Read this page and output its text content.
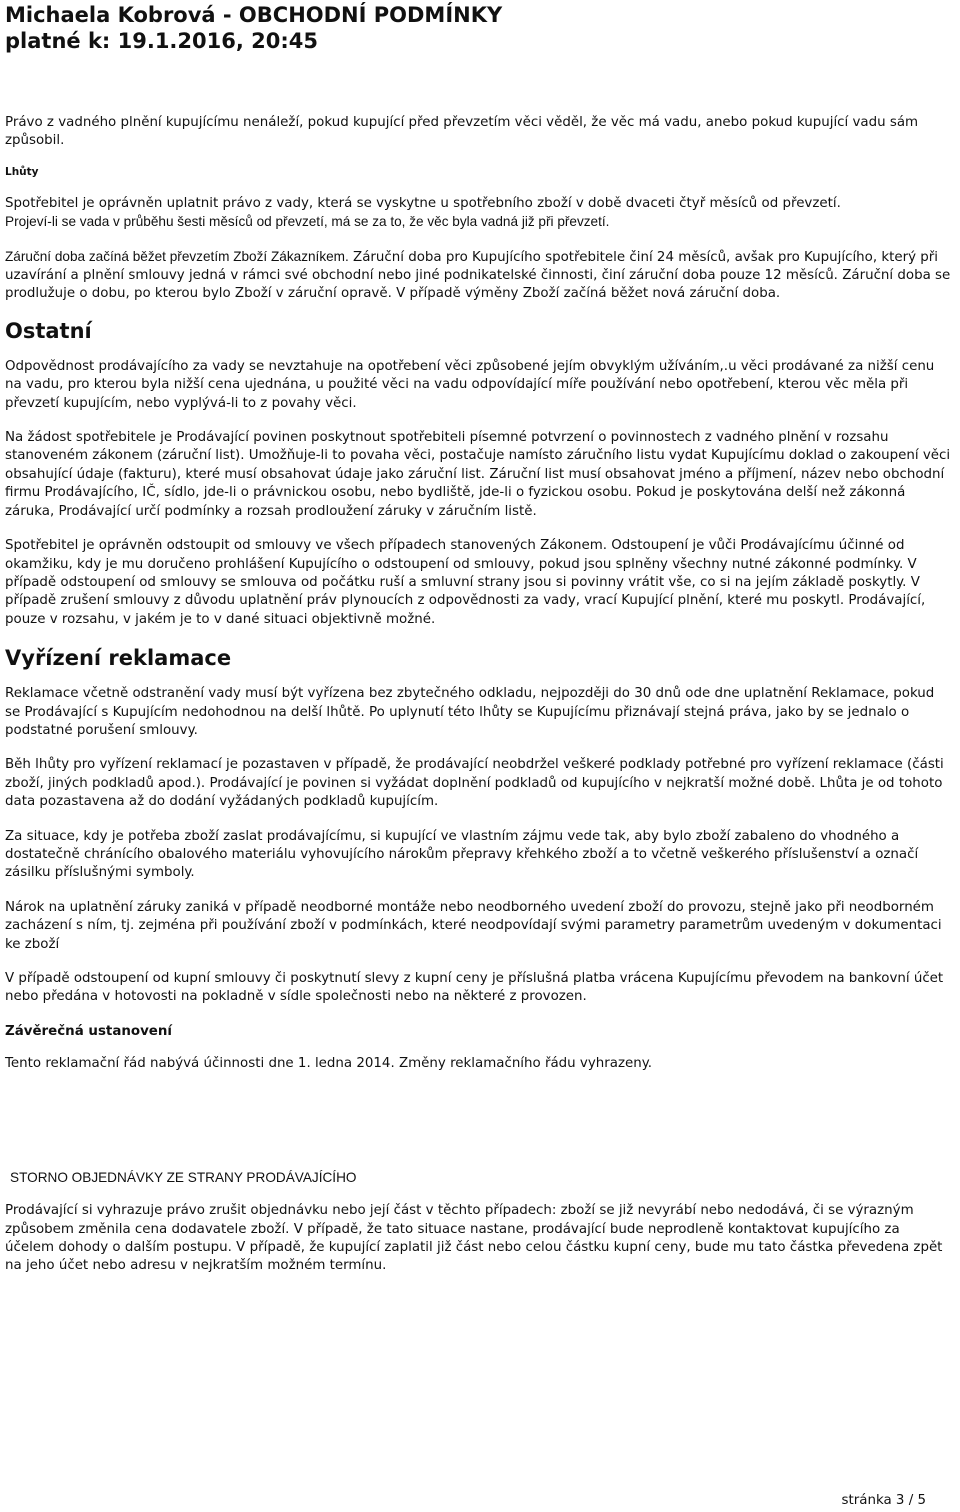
Michaela Kobrová - OBCHODNÍ PODMÍNKY
platné k: 19.1.2016, 20:45

Právo z vadného plnění kupujícímu nenáleží, pokud kupující před převzetím věci věděl, že věc má vadu, anebo pokud kupující vadu sám způsobil.

Lhůty

Spotřebitel je oprávněn uplatnit právo z vady, která se vyskytne u spotřebního zboží v době dvaceti čtyř měsíců od převzetí.

Projeví-li se vada v průběhu šesti měsíců od převzetí, má se za to, že věc byla vadná již při převzetí.

Záruční doba začíná běžet převzetím Zboží Zákazníkem. Záruční doba pro Kupujícího spotřebitele činí 24 měsíců, avšak pro Kupujícího, který při uzavírání a plnění smlouvy jedná v rámci své obchodní nebo jiné podnikatelské činnosti, činí záruční doba pouze 12 měsíců. Záruční doba se prodlužuje o dobu, po kterou bylo Zboží v záruční opravě. V případě výměny Zboží začíná běžet nová záruční doba.

Ostatní

Odpovědnost prodávajícího za vady se nevztahuje na opotřebení věci způsobené jejím obvyklým užíváním,.u věci prodávané za nižší cenu na vadu, pro kterou byla nižší cena ujednána, u použité věci na vadu odpovídající míře používání nebo opotřebení, kterou věc měla při převzetí kupujícím, nebo vyplývá-li to z povahy věci.

Na žádost spotřebitele je Prodávající povinen poskytnout spotřebiteli písemné potvrzení o povinnostech z vadného plnění v rozsahu stanoveném zákonem (záruční list). Umožňuje-li to povaha věci, postačuje namísto záručního listu vydat Kupujícímu doklad o zakoupení věci obsahující údaje (fakturu), které musí obsahovat údaje jako záruční list. Záruční list musí obsahovat jméno a příjmení, název nebo obchodní firmu Prodávajícího, IČ, sídlo, jde-li o právnickou osobu, nebo bydliště, jde-li o fyzickou osobu. Pokud je poskytována delší než zákonná záruka, Prodávající určí podmínky a rozsah prodloužení záruky v záručním listě.

Spotřebitel je oprávněn odstoupit od smlouvy ve všech případech stanovených Zákonem. Odstoupení je vůči Prodávajícímu účinné od okamžiku, kdy je mu doručeno prohlášení Kupujícího o odstoupení od smlouvy, pokud jsou splněny všechny nutné zákonné podmínky. V případě odstoupení od smlouvy se smlouva od počátku ruší a smluvní strany jsou si povinny vrátit vše, co si na jejím základě poskytly. V případě zrušení smlouvy z důvodu uplatnění práv plynoucích z odpovědnosti za vady, vrací Kupující plnění, které mu poskytl. Prodávající, pouze v rozsahu, v jakém je to v dané situaci objektivně možné.

Vyřízení reklamace

Reklamace včetně odstranění vady musí být vyřízena bez zbytečného odkladu, nejpozději do 30 dnů ode dne uplatnění Reklamace, pokud se Prodávající s Kupujícím nedohodnou na delší lhůtě. Po uplynutí této lhůty se Kupujícímu přiznávají stejná práva, jako by se jednalo o podstatné porušení smlouvy.

Běh lhůty pro vyřízení reklamací je pozastaven v případě, že prodávající neobdržel veškeré podklady potřebné pro vyřízení reklamace (části zboží, jiných podkladů apod.). Prodávající je povinen si vyžádat doplnění podkladů od kupujícího v nejkratší možné době. Lhůta je od tohoto data pozastavena až do dodání vyžádaných podkladů kupujícím.

Za situace, kdy je potřeba zboží zaslat prodávajícímu, si kupující ve vlastním zájmu vede tak, aby bylo zboží zabaleno do vhodného a dostatečně chránícího obalového materiálu vyhovujícího nárokům přepravy křehkého zboží a to včetně veškerého příslušenství a označí zásilku příslušnými symboly.

Nárok na uplatnění záruky zaniká v případě neodborné montáže nebo neodborného uvedení zboží do provozu, stejně jako při neodborném zacházení s ním, tj. zejména při používání zboží v podmínkách, které neodpovídají svými parametry parametrům uvedeným v dokumentaci ke zboží

V případě odstoupení od kupní smlouvy či poskytnutí slevy z kupní ceny je příslušná platba vrácena Kupujícímu převodem na bankovní účet nebo předána v hotovosti na pokladně v sídle společnosti nebo na některé z provozen.

Závěrečná ustanovení

Tento reklamační řád nabývá účinnosti dne 1. ledna 2014. Změny reklamačního řádu vyhrazeny.

STORNO OBJEDNÁVKY ZE STRANY PRODÁVAJÍCÍHO

Prodávající si vyhrazuje právo zrušit objednávku nebo její část v těchto případech: zboží se již nevyrábí nebo nedodává, či se výrazným způsobem změnila cena dodavatele zboží. V případě, že tato situace nastane, prodávající bude neprodleně kontaktovat kupujícího za účelem dohody o dalším postupu. V případě, že kupující zaplatil již část nebo celou částku kupní ceny, bude mu tato částka převedena zpět na jeho účet nebo adresu v nejkratším možném termínu.

stránka 3 / 5
